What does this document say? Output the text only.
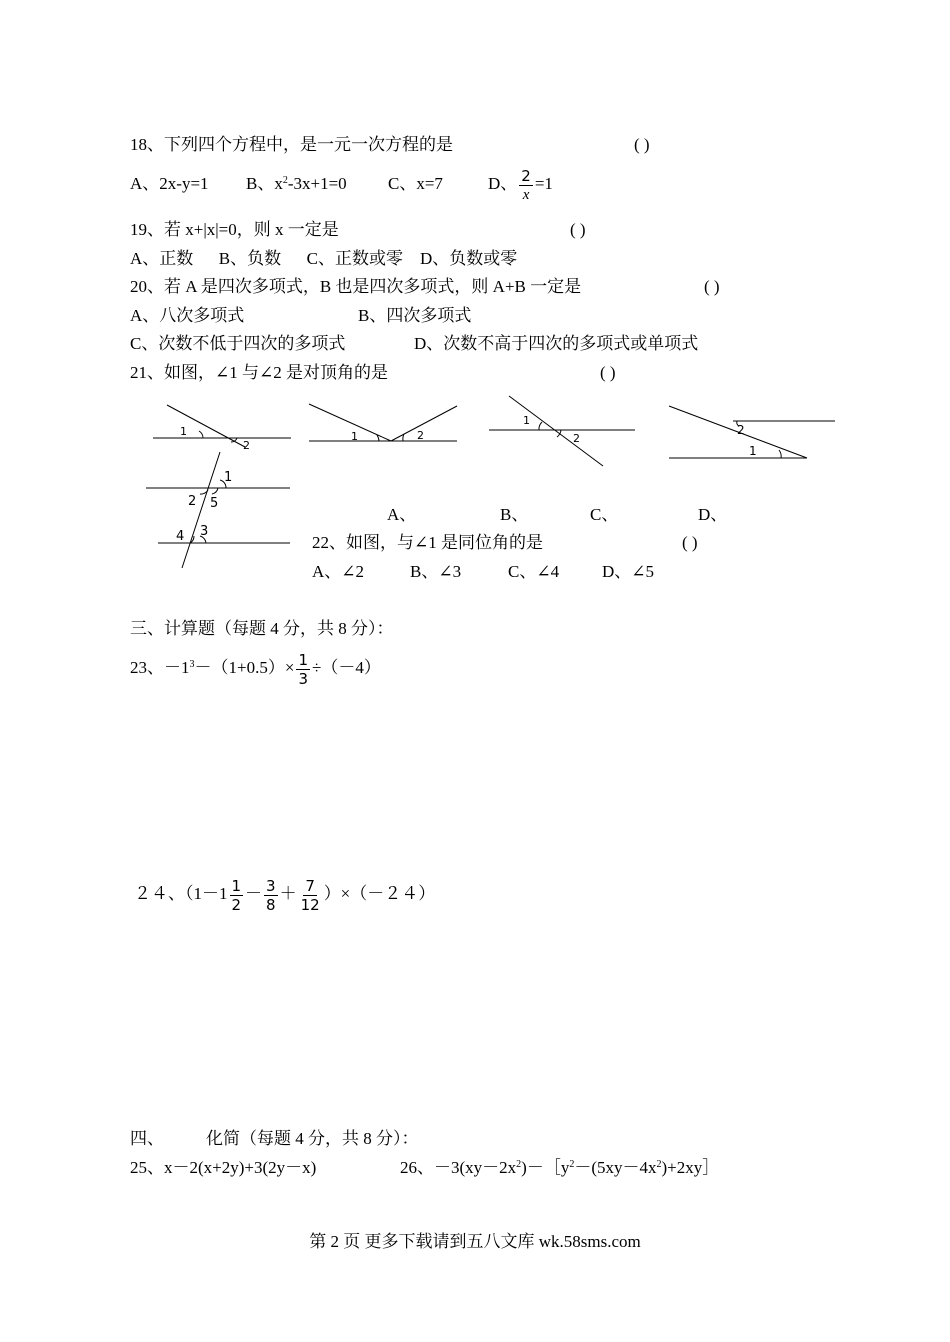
18、下列四个方程中，是一元一次方程的是	( )
A、2x-y=1 B、$x^2-3x+1=0$ C、x=7	D、 $\frac{2}{x} =1$
19、若 x+|x|=0，则 x 一定是	( )
A、正数      B、负数      C、正数或零    D、负数或零
20、若 A 是四次多项式，B 也是四次多项式，则 A+B 一定是	( )
A、八次多项式	B、四次多项式
C、次数不低于四次的多项式	D、次数不高于四次的多项式或单项式
21、如图，∠1 与∠2 是对顶角的是	( )
1
2
1	2
1
2
2
1
1
2 5
4 3
A、	B、	C、	D、
22、如图，与∠1 是同位角的是	( )
A、∠2	B、∠3	C、∠4	D、∠5
三、计算题（每题 4 分，共 8 分）：
23、$-1^3-(1+0.5)\times \frac{1}{3} \div(-4)$
２４、$(1-1 \frac{1}{2} - \frac{3}{8} + \frac{7}{12} )\times(-24)$
四、 化简（每题 4 分，共 8 分）：
25、x－2(x+2y)+3(2y－x)	26、$-3(xy-2x^2)-[y^2-(5xy-4x^2)+2xy]$
第 2 页 更多下载请到五八文库 wk.58sms.com
